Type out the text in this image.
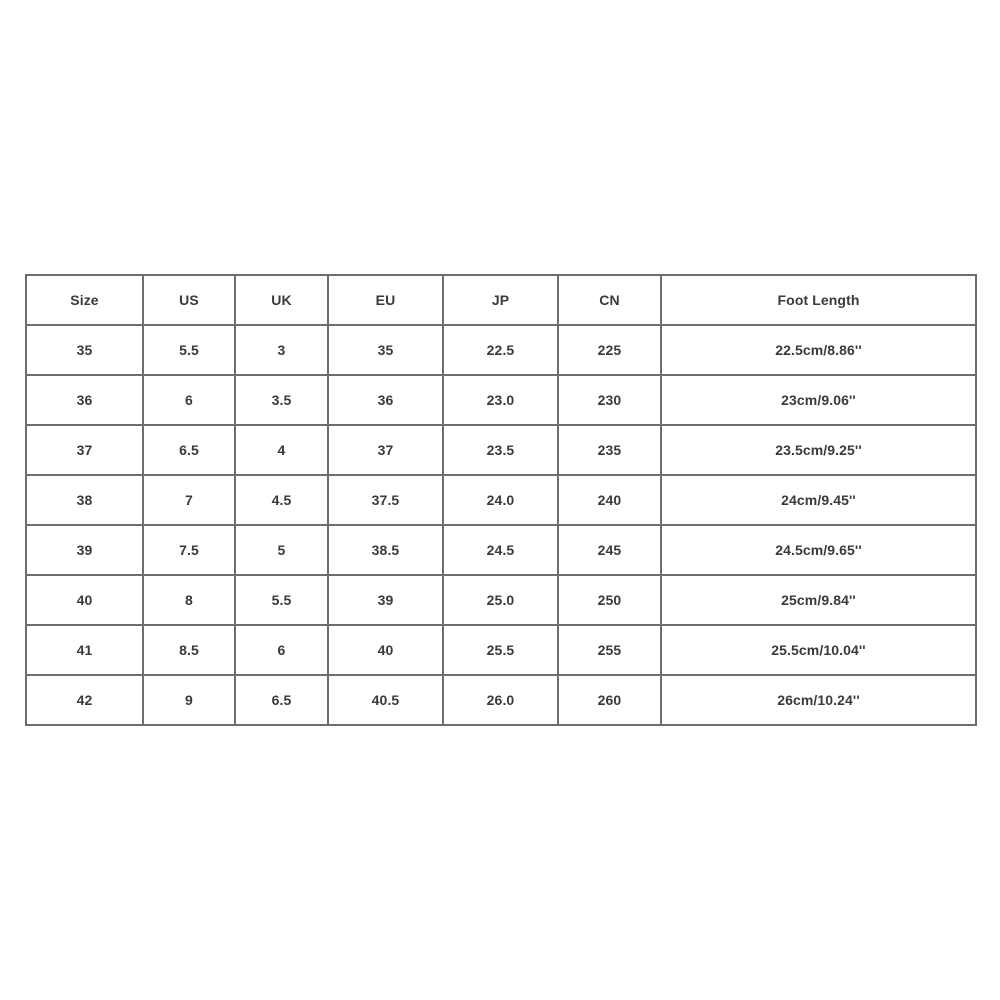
Size	US	UK	EU	JP	CN	Foot Length
35	5.5	3	35	22.5	225	22.5cm/8.86''
36	6	3.5	36	23.0	230	23cm/9.06''
37	6.5	4	37	23.5	235	23.5cm/9.25''
38	7	4.5	37.5	24.0	240	24cm/9.45''
39	7.5	5	38.5	24.5	245	24.5cm/9.65''
40	8	5.5	39	25.0	250	25cm/9.84''
41	8.5	6	40	25.5	255	25.5cm/10.04''
42	9	6.5	40.5	26.0	260	26cm/10.24''
